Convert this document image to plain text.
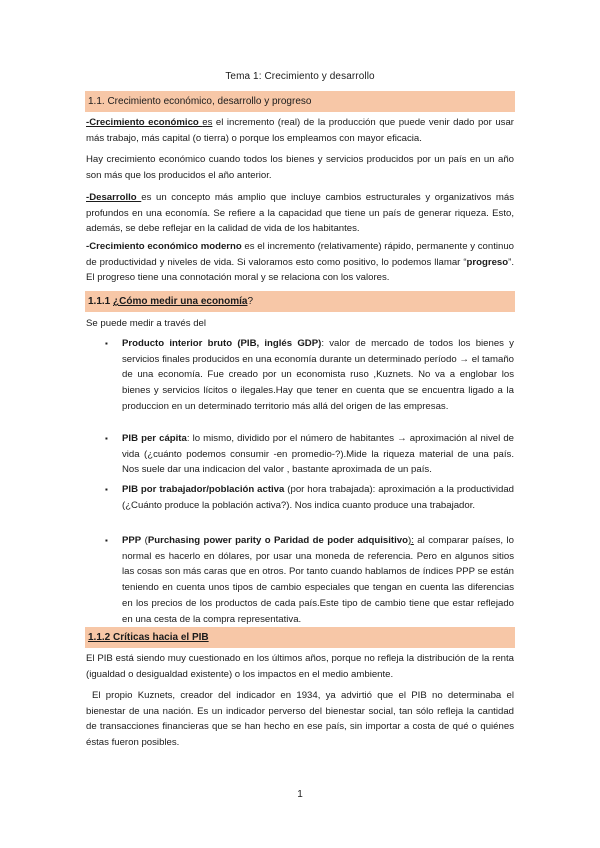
Tema 1: Crecimiento y desarrollo
1.1. Crecimiento económico, desarrollo y progreso

-Crecimiento económico es el incremento (real) de la producción que puede venir dado por usar más trabajo, más capital (o tierra) o porque los empleamos con mayor eficacia.

Hay crecimiento económico cuando todos los bienes y servicios producidos por un país en un año son más que los producidos el año anterior.

-Desarrollo es un concepto más amplio que incluye cambios estructurales y organizativos más profundos en una economía. Se refiere a la capacidad que tiene un país de generar riqueza. Esto, además, se debe reflejar en la calidad de vida de los habitantes.

-Crecimiento económico moderno es el incremento (relativamente) rápido, permanente y continuo de productividad y niveles de vida. Si valoramos esto como positivo, lo podemos llamar “progreso”. El progreso tiene una connotación moral y se relaciona con los valores.

1.1.1 ¿Cómo medir una economía?

Se puede medir a través del

▪ Producto interior bruto (PIB, inglés GDP): valor de mercado de todos los bienes y servicios finales producidos en una economía durante un determinado período → el tamaño de una economía. Fue creado por un economista ruso ,Kuznets. No va a englobar los bienes y servicios lícitos o ilegales.Hay que tener en cuenta que se encuentra ligado a la produccion en un determinado territorio más allá del origen de las empresas.

▪ PIB per cápita: lo mismo, dividido por el número de habitantes → aproximación al nivel de vida (¿cuánto podemos consumir -en promedio-?).Mide la riqueza material de una país. Nos suele dar una indicacion del valor , bastante aproximada de un país.

▪ PIB por trabajador/población activa (por hora trabajada): aproximación a la productividad (¿Cuánto produce la población activa?). Nos indica cuanto produce una trabajador.

▪ PPP (Purchasing power parity o Paridad de poder adquisitivo): al comparar países, lo normal es hacerlo en dólares, por usar una moneda de referencia. Pero en algunos sitios las cosas son más caras que en otros. Por tanto cuando hablamos de índices PPP se están teniendo en cuenta unos tipos de cambio especiales que tengan en cuenta las diferencias en los precios de los productos de cada país.Este tipo de cambio tiene que estar reflejado en una cesta de la compra representativa.

1.1.2 Críticas hacia el PIB

El PIB está siendo muy cuestionado en los últimos años, porque no refleja la distribución de la renta (igualdad o desigualdad existente) o los impactos en el medio ambiente.

El propio Kuznets, creador del indicador en 1934, ya advirtió que el PIB no determinaba el bienestar de una nación. Es un indicador perverso del bienestar social, tan sólo refleja la cantidad de transacciones financieras que se han hecho en ese país, sin importar a costa de qué o quiénes éstas fueron posibles.

1
